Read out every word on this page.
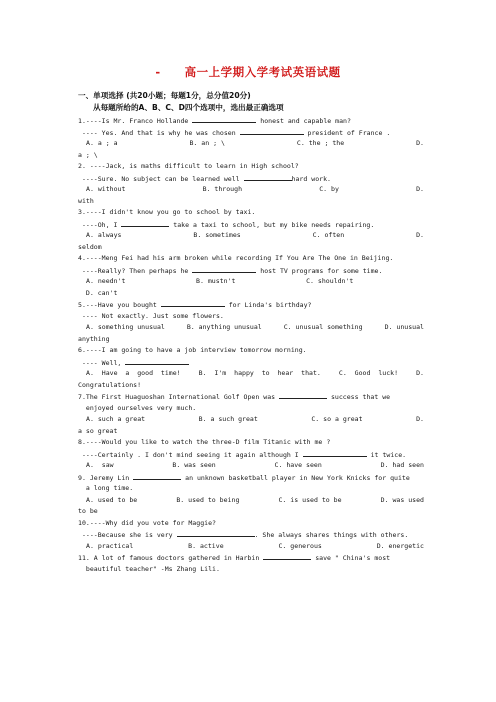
- 高一上学期入学考试英语试题
一、单项选择 (共20小题；每题1分，总分值20分)
从每题所给的A、B、C、D四个选项中，选出最正确选项
1.----Is Mr. Franco Hollande	honest and capable man?
---- Yes. And that is why he was chosen	president of France .
A. a ; a	B. an ; \	C. the ; the	D.
a ; \
2. ----Jack, is maths difficult to learn in High school?
----Sure. No subject can be learned well	hard work.
A. without	B. through	C. by	D.
with
3.----I didn't know you go to school by taxi.
----Oh, I	take a taxi to school, but my bike needs repairing.
A. always	B. sometimes	C. often	D.
seldom
4.----Meng Fei had his arm broken while recording If You Are The One in Beijing.
----Really? Then perhaps he	host TV programs for some time.
A. needn't	B. mustn't	C. shouldn't
D. can't
5.---Have you bought	for Linda's birthday?
---- Not exactly. Just some flowers.
A. something unusual	B. anything unusual	C. unusual something	D. unusual
anything
6.----I am going to have a job interview tomorrow morning.
---- Well,
A.  Have  a  good  time!	B.  I'm  happy  to  hear  that.	C.  Good  luck!	D.
Congratulations!
7.The First Huaguoshan International Golf Open was	success that we
enjoyed ourselves very much.
A. such a great	B. a such great	C. so a great	D.
a so great
8.----Would you like to watch the three-D film Titanic with me ?
----Certainly . I don't mind seeing it again although I	it twice.
A.  saw	B. was seen	C. have seen	D. had seen
9. Jeremy Lin	an unknown basketball player in New York Knicks for quite
a long time.
A. used to be	B. used to being	C. is used to be	D. was used
to be
10.----Why did you vote for Maggie?
----Because she is very	. She always shares things with others.
A. practical	B. active	C. generous	D. energetic
11. A lot of famous doctors gathered in Harbin	save " China's most
beautiful teacher" -Ms Zhang Lili.
